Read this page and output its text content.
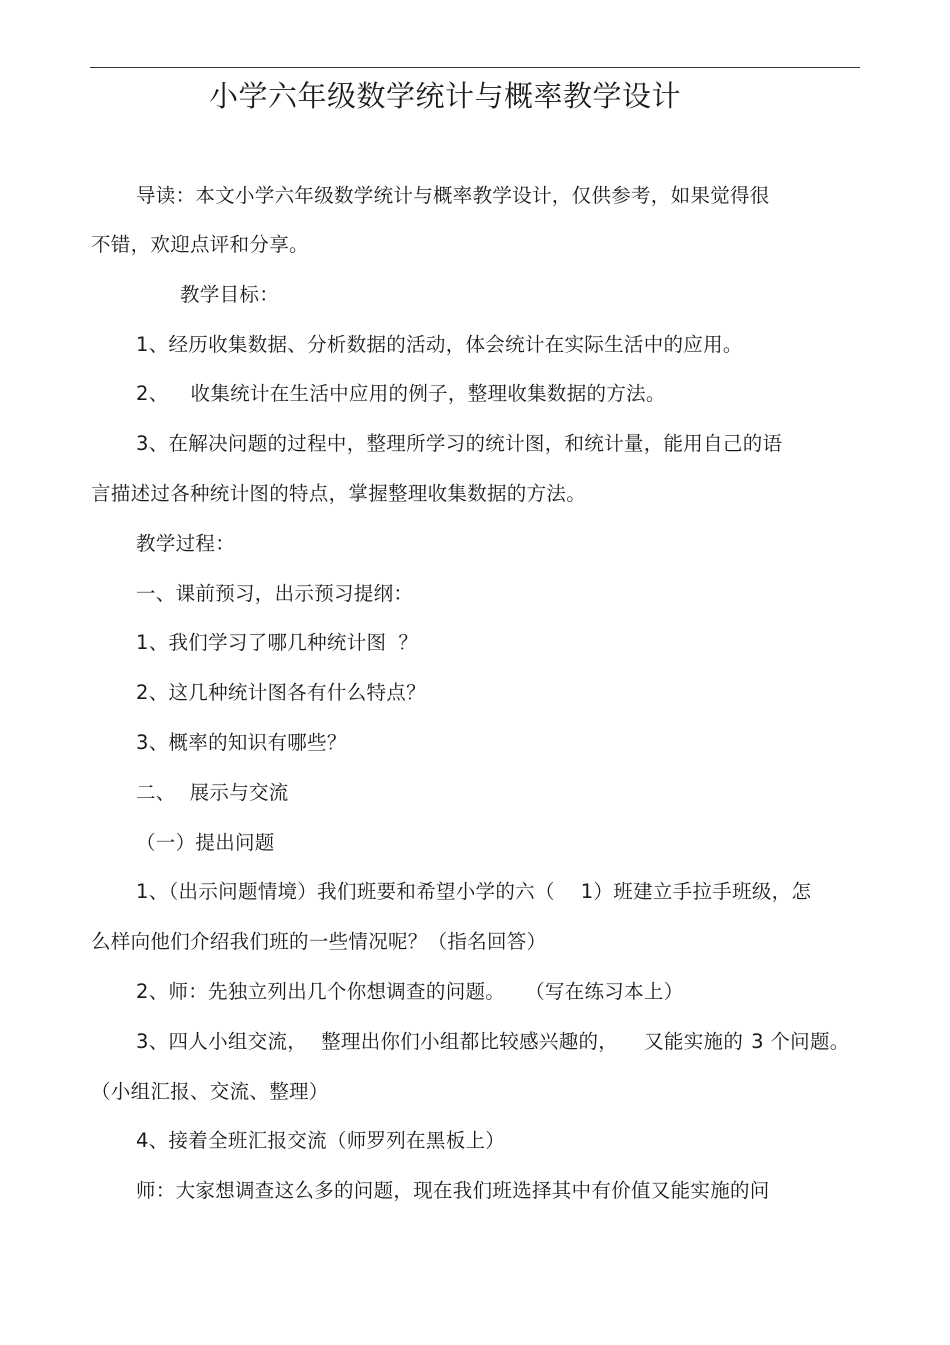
小学六年级数学统计与概率教学设计
导读：本文小学六年级数学统计与概率教学设计，仅供参考，如果觉得很
不错，欢迎点评和分享。
教学目标：
1、经历收集数据、分析数据的活动，体会统计在实际生活中的应用。
2、 收集统计在生活中应用的例子，整理收集数据的方法。
3、在解决问题的过程中，整理所学习的统计图，和统计量，能用自己的语
言描述过各种统计图的特点，掌握整理收集数据的方法。
教学过程：
一、课前预习，出示预习提纲：
1、我们学习了哪几种统计图 ？
2、这几种统计图各有什么特点？
3、概率的知识有哪些？
二、 展示与交流
（一）提出问题
1、（出示问题情境）我们班要和希望小学的六（ 1）班建立手拉手班级，怎
么样向他们介绍我们班的一些情况呢？（指名回答）
2、师：先独立列出几个你想调查的问题。 （写在练习本上）
3、四人小组交流， 整理出你们小组都比较感兴趣的， 又能实施的 3 个问题。
（小组汇报、交流、整理）
4、接着全班汇报交流（师罗列在黑板上）
师：大家想调查这么多的问题，现在我们班选择其中有价值又能实施的问
